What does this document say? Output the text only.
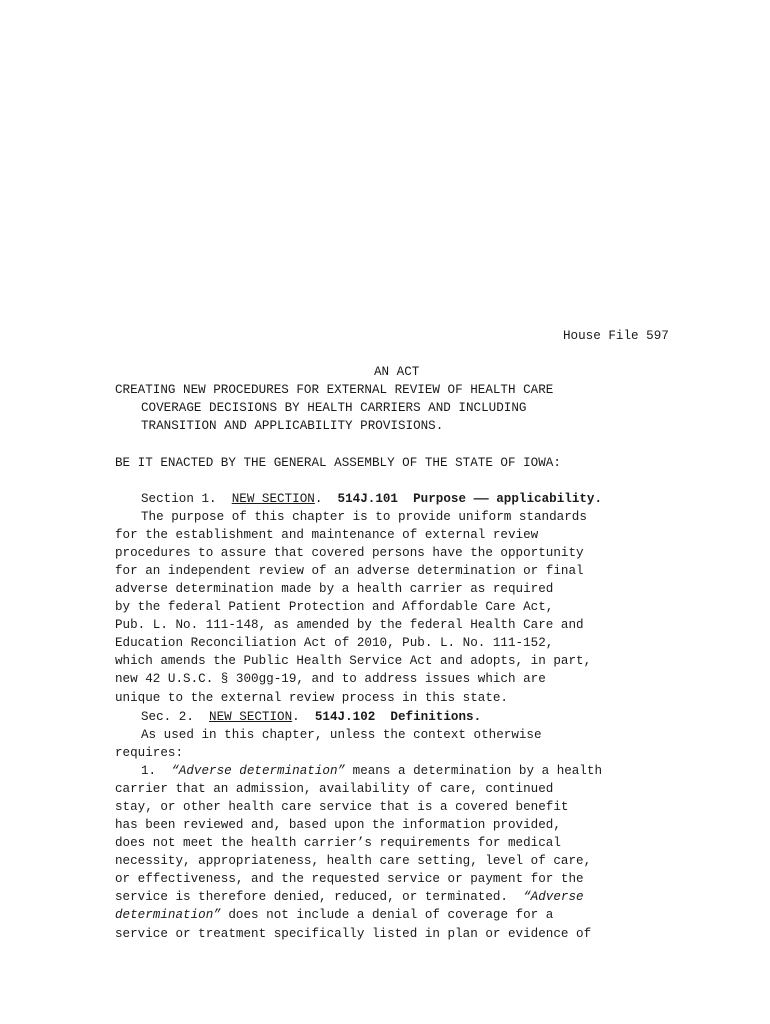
House File 597
AN ACT
CREATING NEW PROCEDURES FOR EXTERNAL REVIEW OF HEALTH CARE
COVERAGE DECISIONS BY HEALTH CARRIERS AND INCLUDING
TRANSITION AND APPLICABILITY PROVISIONS.
BE IT ENACTED BY THE GENERAL ASSEMBLY OF THE STATE OF IOWA:
Section 1. NEW SECTION.  514J.101  Purpose —— applicability.
The purpose of this chapter is to provide uniform standards
for the establishment and maintenance of external review
procedures to assure that covered persons have the opportunity
for an independent review of an adverse determination or final
adverse determination made by a health carrier as required
by the federal Patient Protection and Affordable Care Act,
Pub. L. No. 111-148, as amended by the federal Health Care and
Education Reconciliation Act of 2010, Pub. L. No. 111-152,
which amends the Public Health Service Act and adopts, in part,
new 42 U.S.C. § 300gg-19, and to address issues which are
unique to the external review process in this state.
Sec. 2. NEW SECTION.  514J.102  Definitions.
As used in this chapter, unless the context otherwise
requires:
1. “Adverse determination” means a determination by a health
carrier that an admission, availability of care, continued
stay, or other health care service that is a covered benefit
has been reviewed and, based upon the information provided,
does not meet the health carrier’s requirements for medical
necessity, appropriateness, health care setting, level of care,
or effectiveness, and the requested service or payment for the
service is therefore denied, reduced, or terminated.  “Adverse
determination” does not include a denial of coverage for a
service or treatment specifically listed in plan or evidence of
